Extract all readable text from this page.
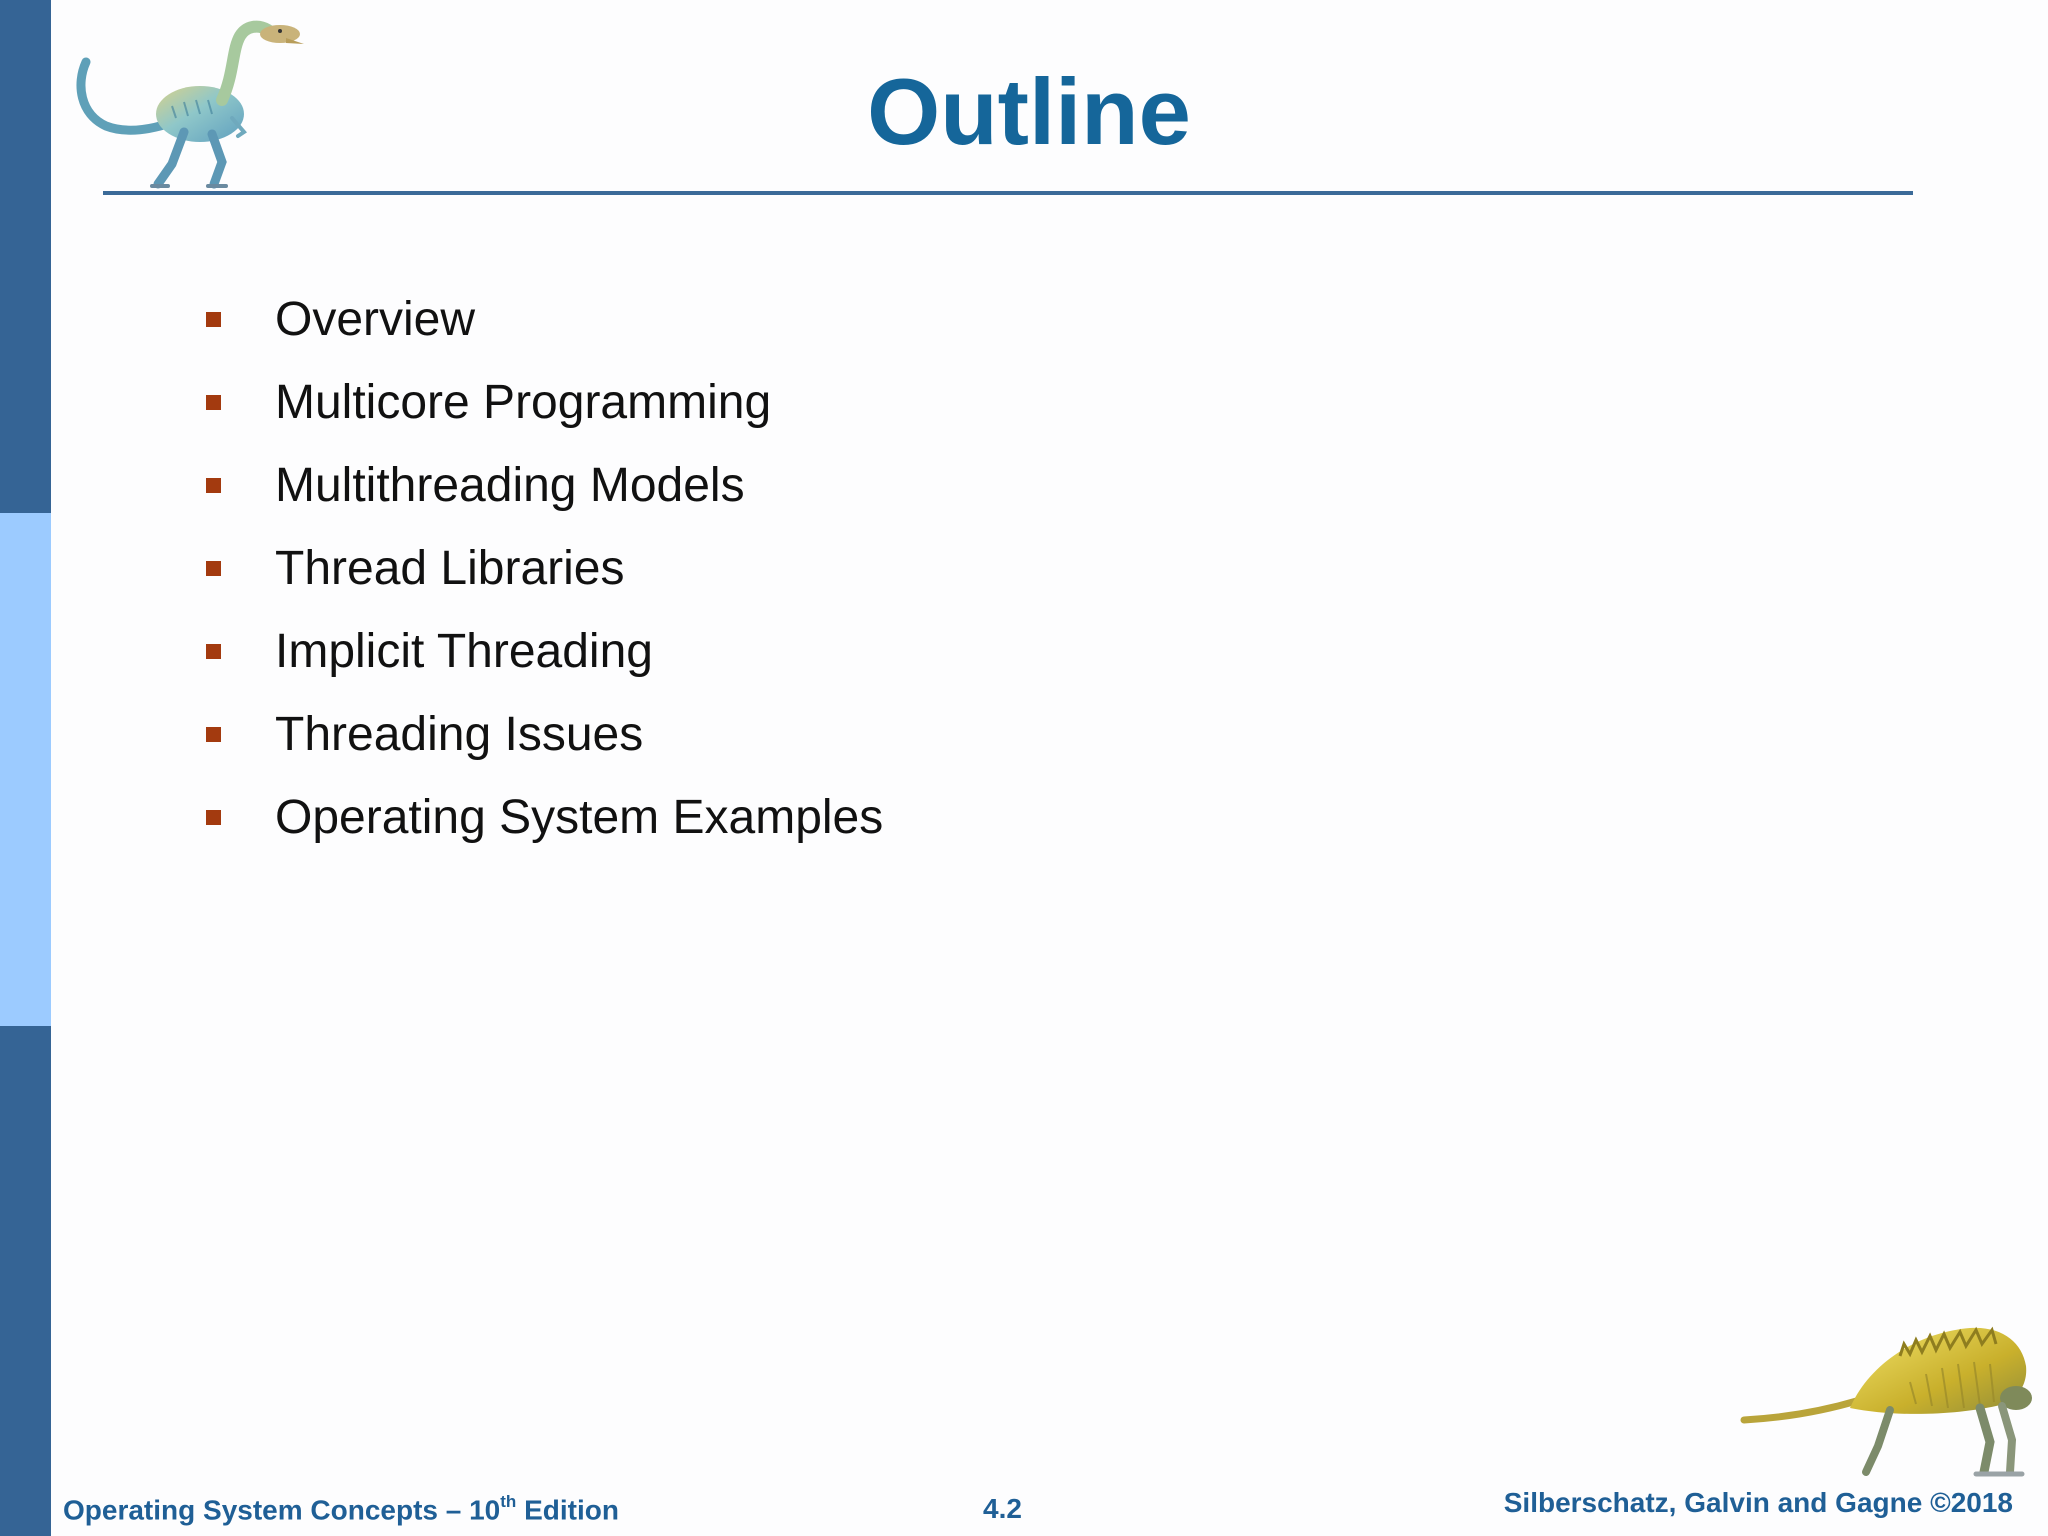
Outline
Overview
Multicore Programming
Multithreading Models
Thread Libraries
Implicit Threading
Threading Issues
Operating System Examples
Operating System Concepts – 10th Edition	4.2	Silberschatz, Galvin and Gagne ©2018
